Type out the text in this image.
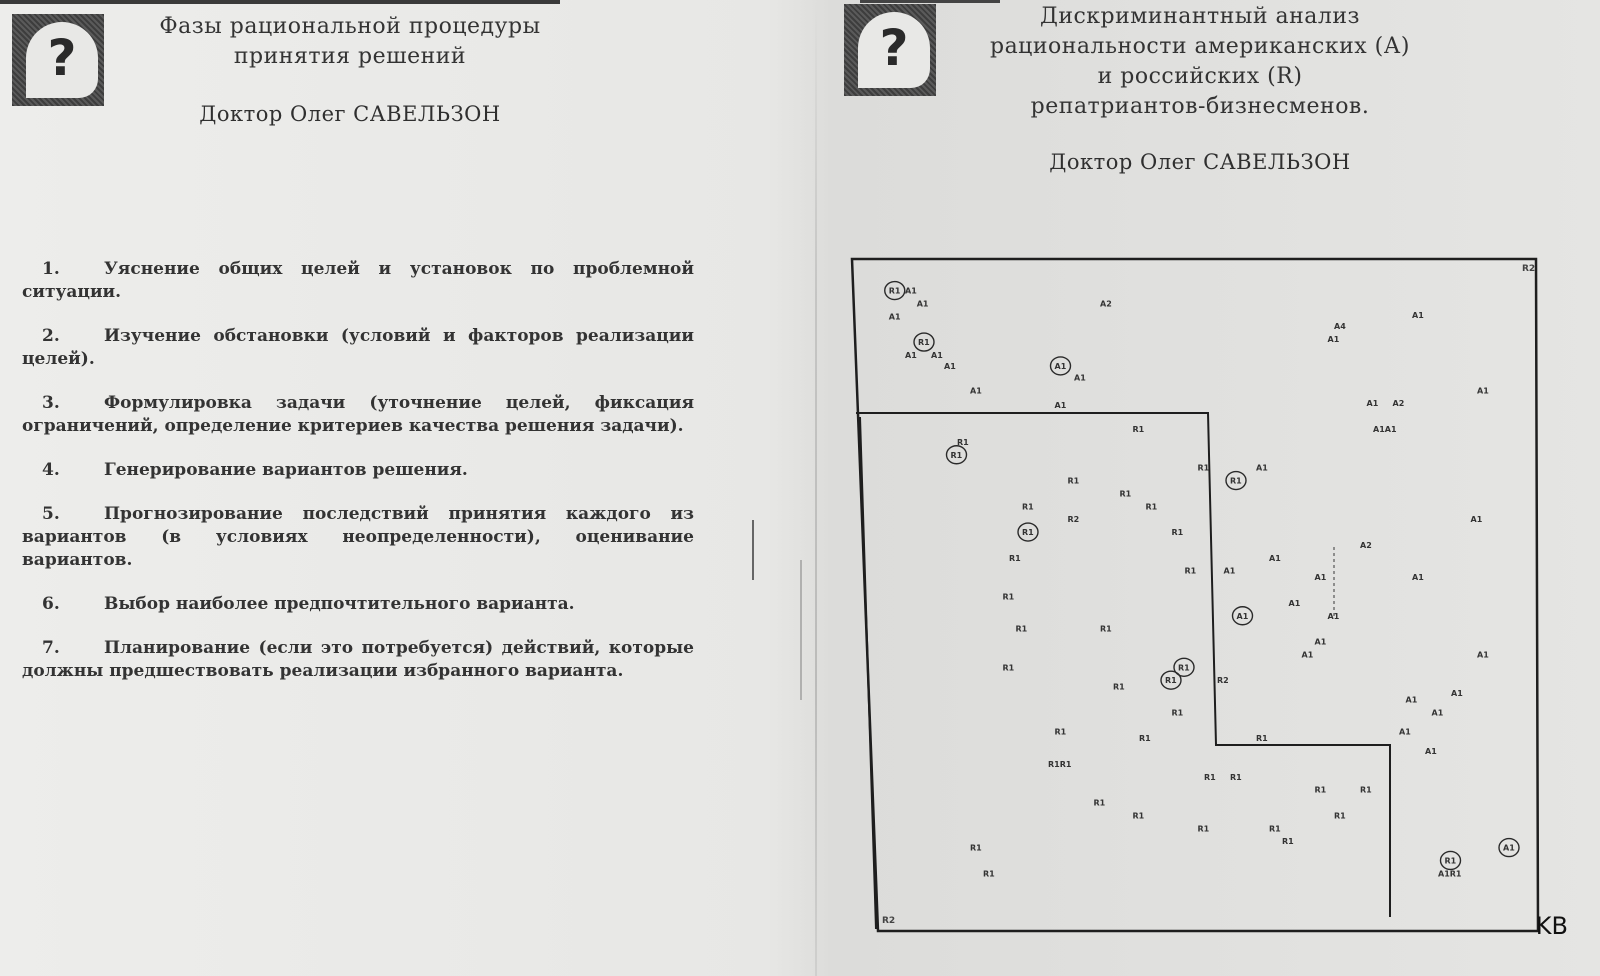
?
Фазы рациональной процедуры
принятия решений
Доктор Олег САВЕЛЬЗОН
1.	Уяснение общих целей и установок по проблемной ситуации.
2.	Изучение обстановки (условий и факторов реализации целей).
3.	Формулировка задачи (уточнение целей, фиксация ограничений, определение критериев качества решения задачи).
4.	Генерирование вариантов решения.
5.	Прогнозирование последствий принятия каждого из вариантов (в условиях неопределенности), оценивание вариантов.
6.	Выбор наиболее предпочтительного варианта.
7.	Планирование (если это потребуется) действий, которые должны предшествовать реализации избранного варианта.
?
Дискриминантный анализ
рациональности американских (А)
и российских (R)
репатриантов-бизнесменов.
Доктор Олег САВЕЛЬЗОН
R1 A1
A1
A1
R1
A1 A1
A1
A1
A2
A1
A1
A1
A4
A1
A1
A1
A1 A2
A1A1
R1
R1
R1
R1
R1
A1
R1
R1
R1
R1
R2
R1	R1
R1
A1
A2
A1
R1	A1
A1	A1
R1
A1
A1
A1
R1	R1
A1
A1	A1
R1	R1
R1	R2
R1
A1
A1
A1
R1
R1
R1	R1
A1
A1
R1R1
R1 R1
R1	R1
R1
R1	R1
R1	R1
R1
R1
R1
R1
A1
A1R1
R2
R2	KB
